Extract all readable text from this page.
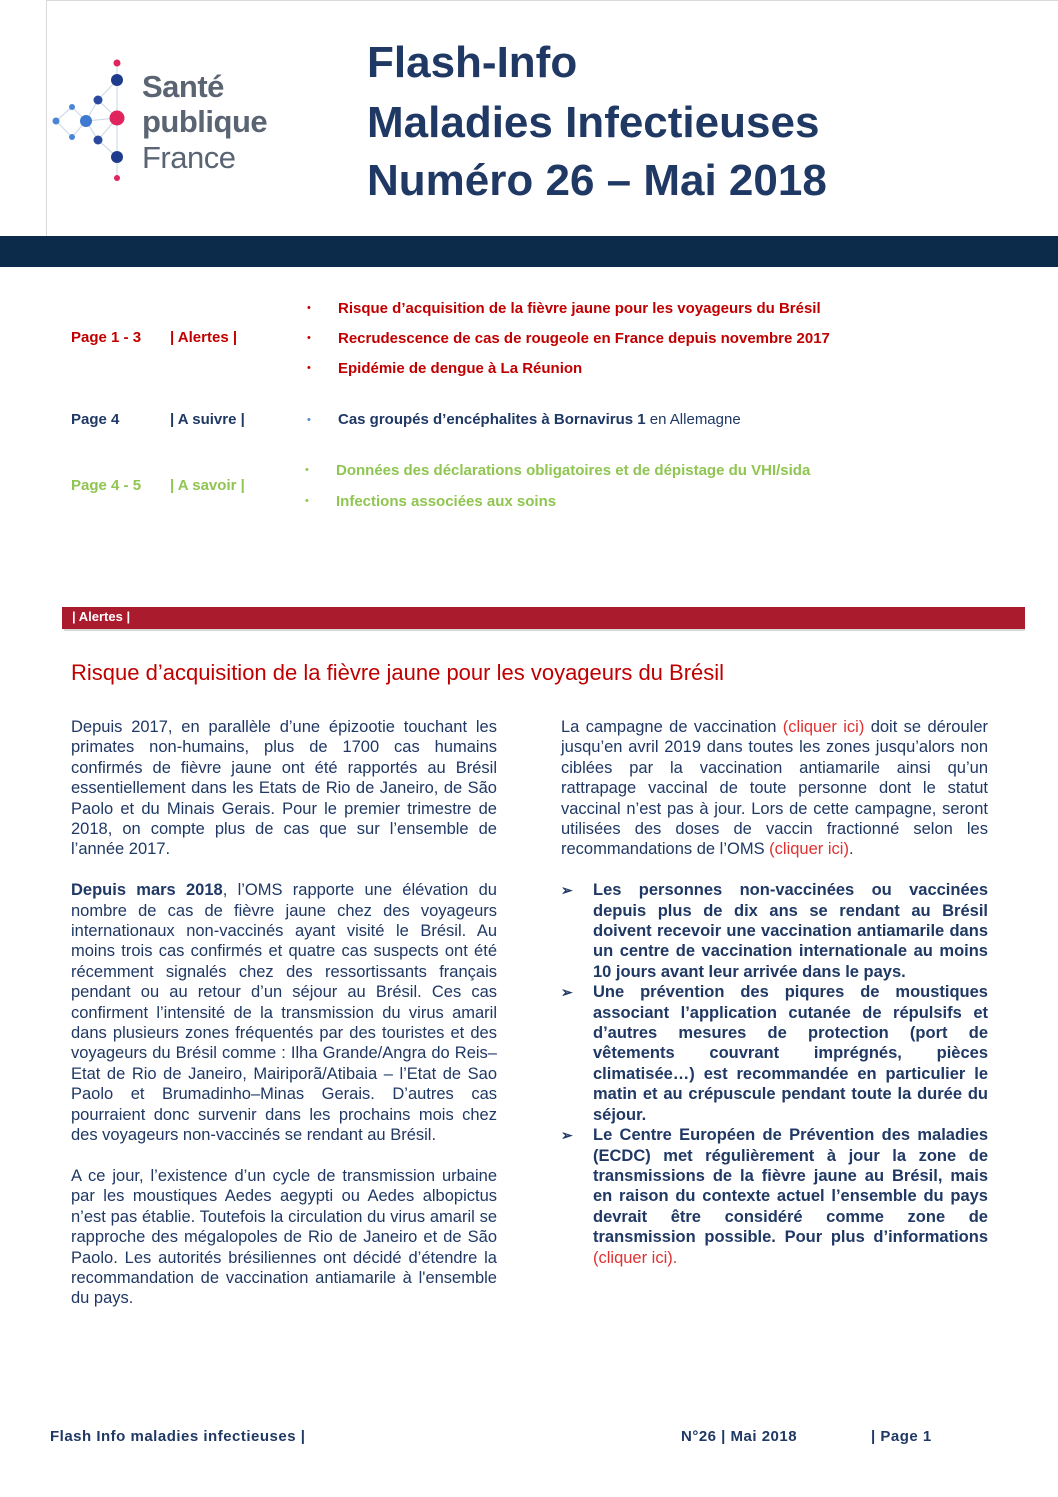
Santé
publique
France
Flash-Info
Maladies Infectieuses
Numéro 26 – Mai 2018
Page 1 - 3 | Alertes |
• Risque d’acquisition de la fièvre jaune pour les voyageurs du Brésil
• Recrudescence de cas de rougeole en France depuis novembre 2017
• Epidémie de dengue à La Réunion
Page 4	| A suivre |	• Cas groupés d’encéphalites à Bornavirus 1 en Allemagne
Page 4 - 5 | A savoir |
• Données des déclarations obligatoires et de dépistage du VHI/sida
• Infections associées aux soins
| Alertes |
Risque d’acquisition de la fièvre jaune pour les voyageurs du Brésil

Depuis 2017, en parallèle d’une épizootie touchant les primates non-humains, plus de 1700 cas humains confirmés de fièvre jaune ont été rapportés au Brésil essentiellement dans les Etats de Rio de Janeiro, de São Paolo et du Minais Gerais. Pour le premier trimestre de 2018, on compte plus de cas que sur l’ensemble de l’année 2017.

Depuis mars 2018, l’OMS rapporte une élévation du nombre de cas de fièvre jaune chez des voyageurs internationaux non-vaccinés ayant visité le Brésil. Au moins trois cas confirmés et quatre cas suspects ont été récemment signalés chez des ressortissants français pendant ou au retour d’un séjour au Brésil. Ces cas confirment l’intensité de la transmission du virus amaril dans plusieurs zones fréquentés par des touristes et des voyageurs du Brésil comme : Ilha Grande/Angra do Reis–Etat de Rio de Janeiro, Mairiporã/Atibaia – l’Etat de Sao Paolo et Brumadinho–Minas Gerais. D’autres cas pourraient donc survenir dans les prochains mois chez des voyageurs non-vaccinés se rendant au Brésil.

A ce jour, l’existence d’un cycle de transmission urbaine par les moustiques Aedes aegypti ou Aedes albopictus n’est pas établie. Toutefois la circulation du virus amaril se rapproche des mégalopoles de Rio de Janeiro et de São Paolo. Les autorités brésiliennes ont décidé d’étendre la recommandation de vaccination antiamarile à l'ensemble du pays.

La campagne de vaccination (cliquer ici) doit se dérouler jusqu’en avril 2019 dans toutes les zones jusqu’alors non ciblées par la vaccination antiamarile ainsi qu’un rattrapage vaccinal de toute personne dont le statut vaccinal n’est pas à jour. Lors de cette campagne, seront utilisées des doses de vaccin fractionné selon les recommandations de l’OMS (cliquer ici).

➢ Les personnes non-vaccinées ou vaccinées depuis plus de dix ans se rendant au Brésil doivent recevoir une vaccination antiamarile dans un centre de vaccination internationale au moins 10 jours avant leur arrivée dans le pays.
➢ Une prévention des piqures de moustiques associant l’application cutanée de répulsifs et d’autres mesures de protection (port de vêtements couvrant imprégnés, pièces climatisée…) est recommandée en particulier le matin et au crépuscule pendant toute la durée du séjour.
➢ Le Centre Européen de Prévention des maladies (ECDC) met régulièrement à jour la zone de transmissions de la fièvre jaune au Brésil, mais en raison du contexte actuel l’ensemble du pays devrait être considéré comme zone de transmission possible. Pour plus d’informations (cliquer ici).
Flash Info maladies infectieuses |	N°26 | Mai 2018	| Page 1
